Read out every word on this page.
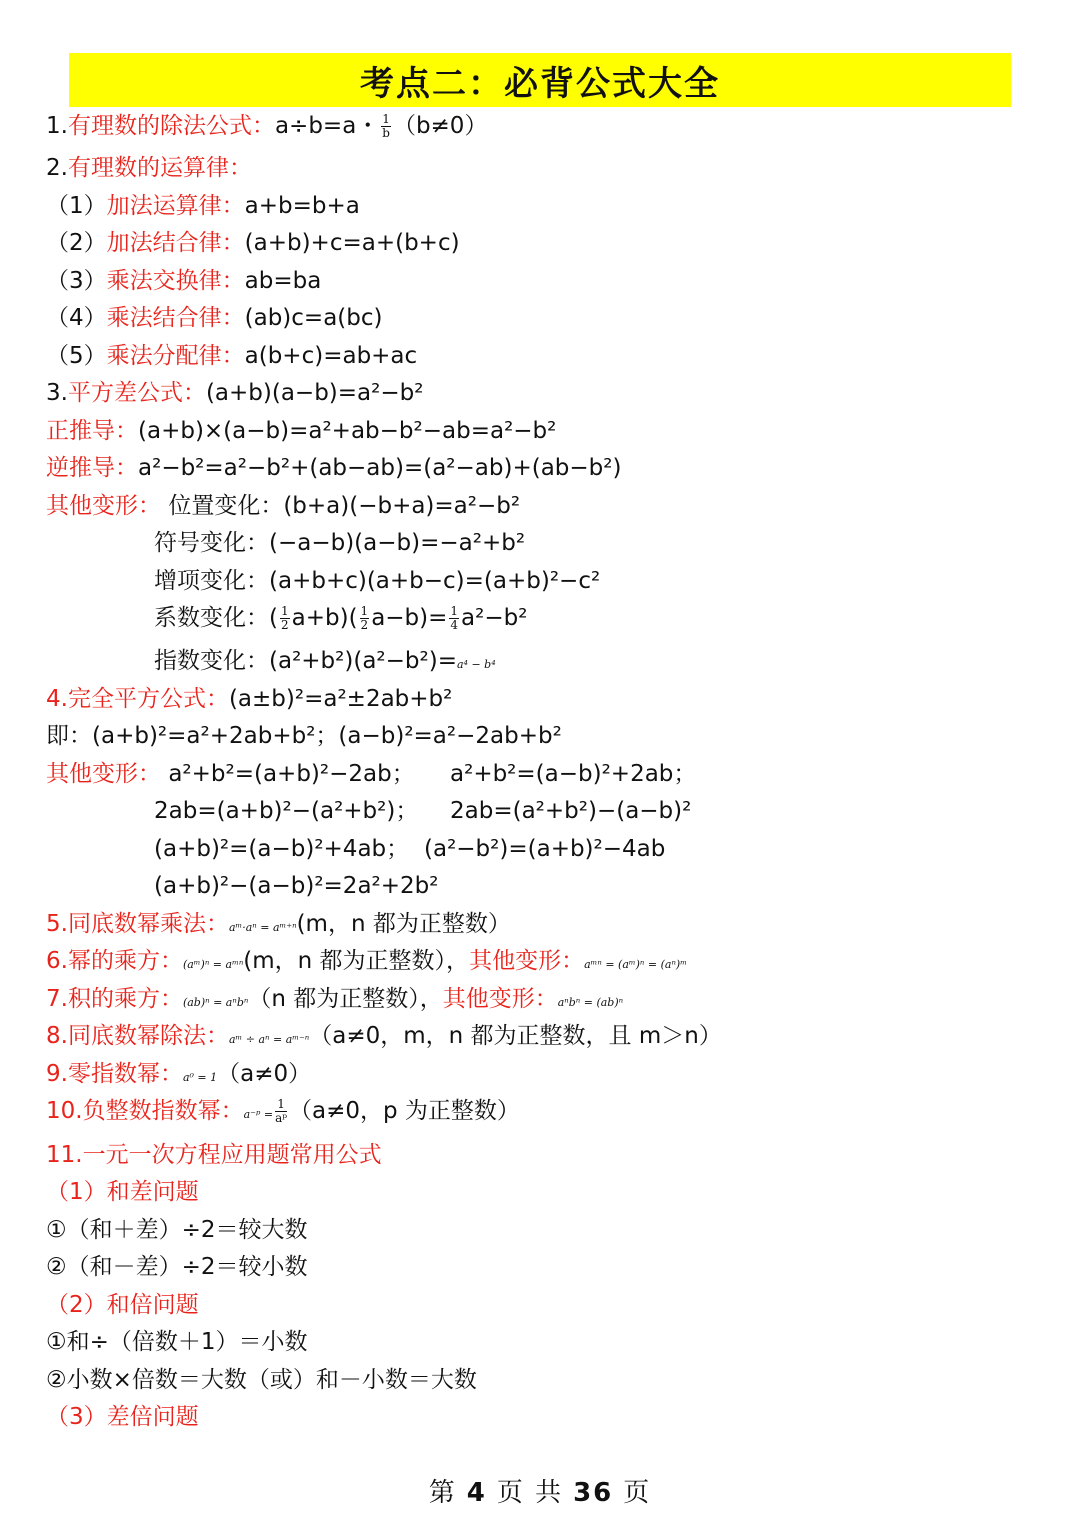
考点二：必背公式大全
1.有理数的除法公式：a÷b=a・ $\frac{1}{b} (b\ne 0)$
2.有理数的运算律：
（1）加法运算律：a+b=b+a
（2）加法结合律：(a+b)+c=a+(b+c)
（3）乘法交换律：ab=ba
（4）乘法结合律：(ab)c=a(bc)
（5）乘法分配律：a(b+c)=ab+ac
3.平方差公式：(a+b)(a−b)=a²−b²
正推导：(a+b)×(a−b)=a²+ab−b²−ab=a²−b²
逆推导：a²−b²=a²−b²+(ab−ab)=(a²−ab)+(ab−b²)
其他变形： 位置变化：(b+a)(−b+a)=a²−b²
符号变化：(−a−b)(a−b)=−a²+b²
增项变化：(a+b+c)(a+b−c)=(a+b)²−c²
系数变化：( $\frac{1}{2} a+b)( \frac{1}{2} a-b)= \frac{1}{4} a^2-b^2$
指数变化：(a²+b²)(a²−b²)=a⁴ − b⁴
4.完全平方公式：(a±b)²=a²±2ab+b²
即：(a+b)²=a²+2ab+b²；(a−b)²=a²−2ab+b²
其他变形： a²+b²=(a+b)²−2ab； a²+b²=(a−b)²+2ab；
2ab=(a+b)²−(a²+b²)； 2ab=(a²+b²)−(a−b)²
(a+b)²=(a−b)²+4ab； (a²−b²)=(a+b)²−4ab
(a+b)²−(a−b)²=2a²+2b²
5.同底数幂乘法：aᵐ·aⁿ = aᵐ⁺ⁿ(m，n 都为正整数）
6.幂的乘方：(aᵐ)ⁿ = aᵐⁿ(m，n 都为正整数），其他变形：aᵐⁿ = (aᵐ)ⁿ = (aⁿ)ᵐ
7.积的乘方：(ab)ⁿ = aⁿbⁿ（n 都为正整数），其他变形：aⁿbⁿ = (ab)ⁿ
8.同底数幂除法：aᵐ ÷ aⁿ = aᵐ⁻ⁿ（a≠0，m，n 都为正整数，且 m＞n）
9.零指数幂：a⁰ = 1（a≠0）
10.负整数指数幂：a⁻ᵖ = $\frac{1}{\text{aᵖ}} (a\ne 0$，p 为正整数）
11.一元一次方程应用题常用公式
（1）和差问题
①（和＋差）÷2＝较大数
②（和－差）÷2＝较小数
（2）和倍问题
①和÷（倍数＋1）＝小数
②小数×倍数＝大数（或）和－小数＝大数
（3）差倍问题
第 4 页 共 36 页
